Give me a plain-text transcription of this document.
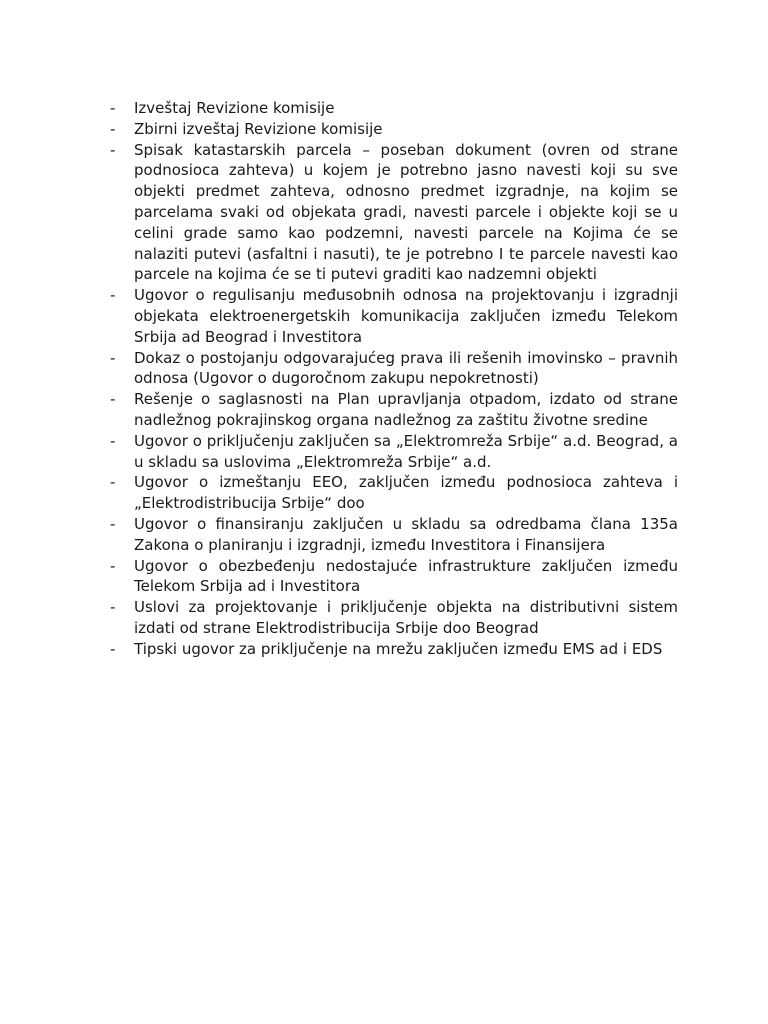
-	Izveštaj Revizione komisije
-	Zbirni izveštaj Revizione komisije
-	Spisak katastarskih parcela – poseban dokument (ovren od strane podnosioca zahteva) u kojem je potrebno jasno navesti koji su sve objekti predmet zahteva, odnosno predmet izgradnje, na kojim se parcelama svaki od objekata gradi, navesti parcele i objekte koji se u celini grade samo kao podzemni, navesti parcele na Kojima će se nalaziti putevi (asfaltni i nasuti), te je potrebno I te parcele navesti kao parcele na kojima će se ti putevi graditi kao nadzemni objekti
-	Ugovor o regulisanju međusobnih odnosa na projektovanju i izgradnji objekata elektroenergetskih komunikacija zaključen između Telekom Srbija ad Beograd i Investitora
-	Dokaz o postojanju odgovarajućeg prava ili rešenih imovinsko – pravnih odnosa (Ugovor o dugoročnom zakupu nepokretnosti)
-	Rešenje o saglasnosti na Plan upravljanja otpadom, izdato od strane nadležnog pokrajinskog organa nadležnog za zaštitu životne sredine
-	Ugovor o priključenju zaključen sa „Elektromreža Srbije“ a.d. Beograd, a u skladu sa uslovima „Elektromreža Srbije“ a.d.
-	Ugovor o izmeštanju EEO, zaključen između podnosioca zahteva i „Elektrodistribucija Srbije“ doo
-	Ugovor o finansiranju zaključen u skladu sa odredbama člana 135a Zakona o planiranju i izgradnji, između Investitora i Finansijera
-	Ugovor o obezbeđenju nedostajuće infrastrukture zaključen između Telekom Srbija ad i Investitora
-	Uslovi za projektovanje i priključenje objekta na distributivni sistem izdati od strane Elektrodistribucija Srbije doo Beograd
-	Tipski ugovor za priključenje na mrežu zaključen između EMS ad i EDS
